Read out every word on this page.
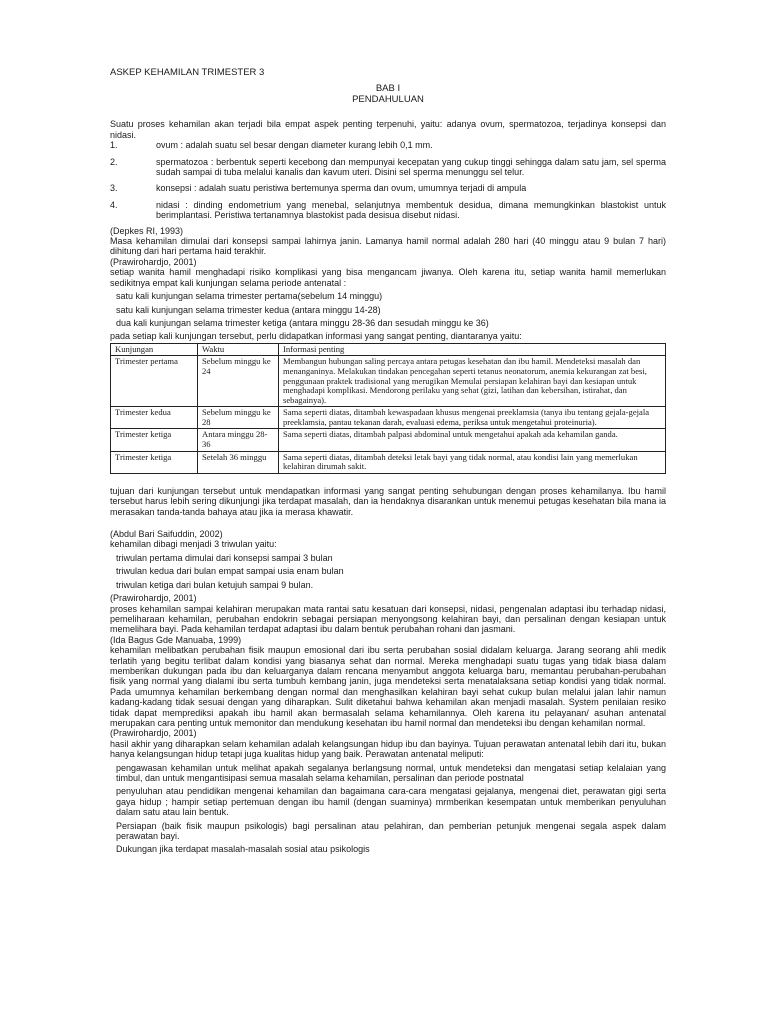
ASKEP KEHAMILAN TRIMESTER 3
BAB I
PENDAHULUAN

Suatu proses kehamilan akan terjadi bila empat aspek penting terpenuhi, yaitu: adanya ovum, spermatozoa, terjadinya konsepsi dan nidasi.

1.	ovum : adalah suatu sel besar dengan diameter kurang lebih 0,1 mm.
2.	spermatozoa : berbentuk seperti kecebong dan mempunyai kecepatan yang cukup tinggi sehingga dalam satu jam, sel sperma sudah sampai di tuba melalui kanalis dan kavum uteri. Disini sel sperma menunggu sel telur.
3.	konsepsi : adalah suatu peristiwa bertemunya sperma dan ovum, umumnya terjadi di ampula
4.	nidasi : dinding endometrium yang menebal, selanjutnya membentuk desidua, dimana memungkinkan blastokist untuk berimplantasi. Peristiwa tertanamnya blastokist pada desisua disebut nidasi.
(Depkes RI, 1993)

Masa kehamilan dimulai dari konsepsi sampai lahirnya janin. Lamanya hamil normal adalah 280 hari (40 minggu atau 9 bulan 7 hari) dihitung dari hari pertama haid terakhir.

(Prawirohardjo, 2001)

setiap wanita hamil menghadapi risiko komplikasi yang bisa mengancam jiwanya. Oleh karena itu, setiap wanita hamil memerlukan sedikitnya empat kali kunjungan selama periode antenatal :

satu kali kunjungan selama trimester pertama(sebelum 14 minggu)
satu kali kunjungan selama trimester kedua (antara minggu 14-28)
dua kali kunjungan selama trimester ketiga (antara minggu 28-36 dan sesudah minggu ke 36)

pada setiap kali kunjungan tersebut, perlu didapatkan informasi yang sangat penting, diantaranya yaitu:

Kunjungan	Waktu	Informasi penting
Trimester pertama	Sebelum minggu ke 24	Membangun hubungan saling percaya antara petugas kesehatan dan ibu hamil. Mendeteksi masalah dan menanganinya. Melakukan tindakan pencegahan seperti tetanus neonatorum, anemia kekurangan zat besi, penggunaan praktek tradisional yang merugikan Memulai persiapan kelahiran bayi dan kesiapan untuk menghadapi komplikasi. Mendorong perilaku yang sehat (gizi, latihan dan kebersihan, istirahat, dan sebagainya).
Trimester kedua	Sebelum minggu ke 28	Sama seperti diatas, ditambah kewaspadaan khusus mengenai preeklamsia (tanya ibu tentang gejala-gejala preeklamsia, pantau tekanan darah, evaluasi edema, periksa untuk mengetahui proteinuria).
Trimester ketiga	Antara minggu 28-36	Sama seperti diatas, ditambah palpasi abdominal untuk mengetahui apakah ada kehamilan ganda.
Trimester ketiga	Setelah 36 minggu	Sama seperti diatas, ditambah deteksi letak bayi yang tidak normal, atau kondisi lain yang memerlukan kelahiran dirumah sakit.

tujuan dari kunjungan tersebut untuk mendapatkan informasi yang sangat penting sehubungan dengan proses kehamilanya. Ibu hamil tersebut harus lebih sering dikunjungi jika terdapat masalah, dan ia hendaknya disarankan untuk menemui petugas kesehatan bila mana ia merasakan tanda-tanda bahaya atau jika ia merasa khawatir.

(Abdul Bari Saifuddin, 2002)

kehamilan dibagi menjadi 3 triwulan yaitu:

triwulan pertama dimulai dari konsepsi sampai 3 bulan
triwulan kedua dari bulan empat sampai usia enam bulan
triwulan ketiga dari bulan ketujuh sampai 9 bulan.
(Prawirohardjo, 2001)

proses kehamilan sampai kelahiran merupakan mata rantai satu kesatuan dari konsepsi, nidasi, pengenalan adaptasi ibu terhadap nidasi, pemeliharaan kehamilan, perubahan endokrin sebagai persiapan menyongsong kelahiran bayi, dan persalinan dengan kesiapan untuk memelihara bayi. Pada kehamilan terdapat adaptasi ibu dalam bentuk perubahan rohani dan jasmani.

(Ida Bagus Gde Manuaba, 1999)

kehamilan melibatkan perubahan fisik maupun emosional dari ibu serta perubahan sosial didalam keluarga. Jarang seorang ahli medik terlatih yang begitu terlibat dalam kondisi yang biasanya sehat dan normal. Mereka menghadapi suatu tugas yang tidak biasa dalam memberikan dukungan pada ibu dan keluarganya dalam rencana menyambut anggota keluarga baru, memantau perubahan-perubahan fisik yang normal yang dialami ibu serta tumbuh kembang janin, juga mendeteksi serta menatalaksana setiap kondisi yang tidak normal. Pada umumnya kehamilan berkembang dengan normal dan menghasilkan kelahiran bayi sehat cukup bulan melalui jalan lahir namun kadang-kadang tidak sesuai dengan yang diharapkan. Sulit diketahui bahwa kehamilan akan menjadi masalah. System penilaian resiko tidak dapat memprediksi apakah ibu hamil akan bermasalah selama kehamilannya. Oleh karena itu pelayanan/ asuhan antenatal merupakan cara penting untuk memonitor dan mendukung kesehatan ibu hamil normal dan mendeteksi ibu dengan kehamilan normal.

(Prawirohardjo, 2001)

hasil akhir yang diharapkan selam kehamilan adalah kelangsungan hidup ibu dan bayinya. Tujuan perawatan antenatal lebih dari itu, bukan hanya kelangsungan hidup tetapi juga kualitas hidup yang baik. Perawatan antenatal meliputi:

pengawasan kehamilan untuk melihat apakah segalanya berlangsung normal, untuk mendeteksi dan mengatasi setiap kelalaian yang timbul, dan untuk mengantisipasi semua masalah selama kehamilan, persalinan dan periode postnatal

penyuluhan atau pendidikan mengenai kehamilan dan bagaimana cara-cara mengatasi gejalanya, mengenai diet, perawatan gigi serta gaya hidup ; hampir setiap pertemuan dengan ibu hamil (dengan suaminya) mrmberikan kesempatan untuk memberikan penyuluhan dalam satu atau lain bentuk.

Persiapan (baik fisik maupun psikologis) bagi persalinan atau pelahiran, dan pemberian petunjuk mengenai segala aspek dalam perawatan bayi.

Dukungan jika terdapat masalah-masalah sosial atau psikologis
